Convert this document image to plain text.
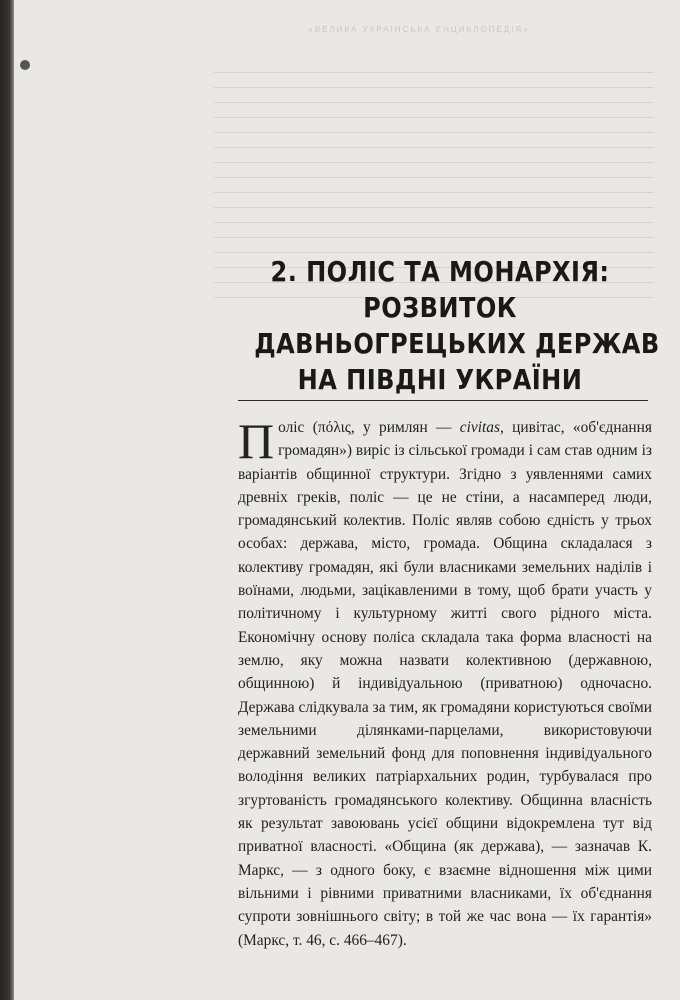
«ВЕЛИКА УКРАЇНСЬКА ЕНЦИКЛОПЕДІЯ»
2. ПОЛІС ТА МОНАРХІЯ:
РОЗВИТОК
ДАВНЬОГРЕЦЬКИХ ДЕРЖАВ
НА ПІВДНІ УКРАЇНИ

Поліс (πόλις, у римлян — civitas, цивітас, «об'єднання громадян») виріс із сільської громади і сам став одним із варіантів общинної структури. Згідно з уявленнями самих древніх греків, поліс — це не стіни, а насамперед люди, громадянський колектив. Поліс являв собою єдність у трьох особах: держава, місто, громада. Община складалася з колективу громадян, які були власниками земельних наділів і воїнами, людьми, зацікавленими в тому, щоб брати участь у політичному і культурному житті свого рідного міста. Економічну основу поліса складала така форма власності на землю, яку можна назвати колективною (державною, общинною) й індивідуальною (приватною) одночасно. Держава слідкувала за тим, як громадяни користуються своїми земельними ділянками-парцелами, використовуючи державний земельний фонд для поповнення індивідуального володіння великих патріархальних родин, турбувалася про згуртованість громадянського колективу. Общинна власність як результат завоювань усієї общини відокремлена тут від приватної власності. «Община (як держава), — зазначав К. Маркс, — з одного боку, є взаємне відношення між цими вільними і рівними приватними власниками, їх об'єднання супроти зовнішнього світу; в той же час вона — їх гарантія» (Маркс, т. 46, с. 466–467).
